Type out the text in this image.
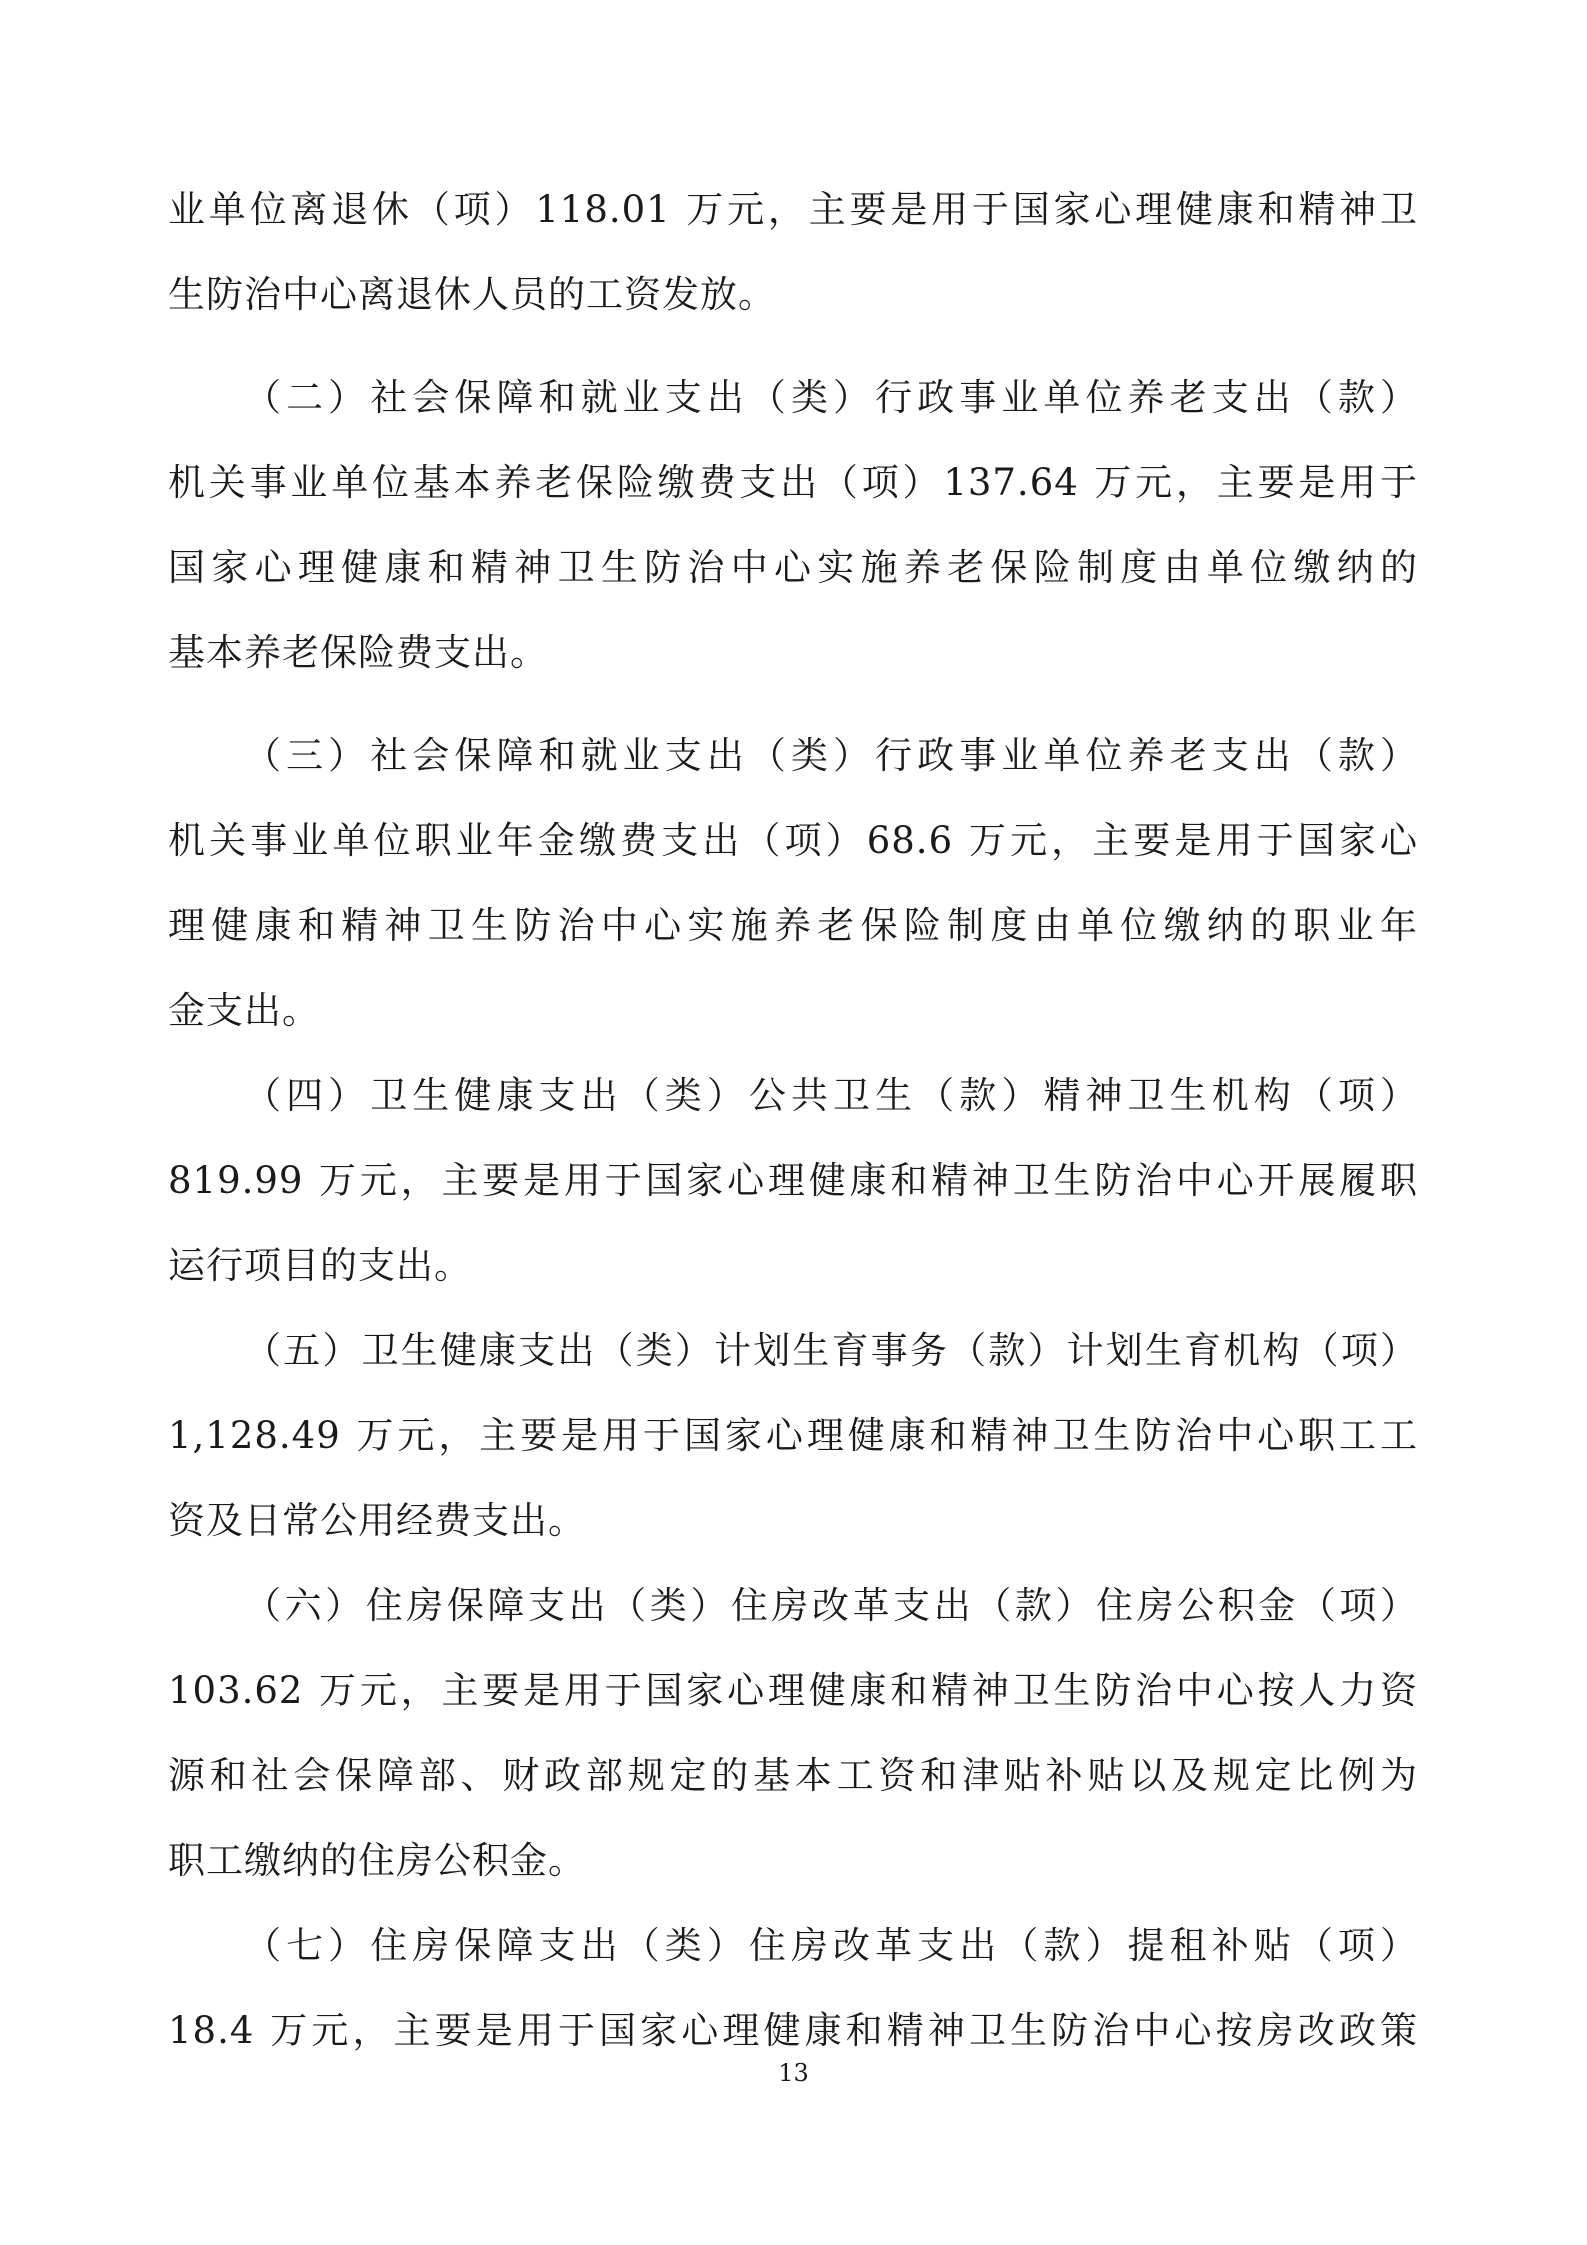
业单位离退休（项）118.01 万元，主要是用于国家心理健康和精神卫
生防治中心离退休人员的工资发放。
（二）社会保障和就业支出（类）行政事业单位养老支出（款）
机关事业单位基本养老保险缴费支出（项）137.64 万元，主要是用于
国家心理健康和精神卫生防治中心实施养老保险制度由单位缴纳的
基本养老保险费支出。
（三）社会保障和就业支出（类）行政事业单位养老支出（款）
机关事业单位职业年金缴费支出（项）68.6 万元，主要是用于国家心
理健康和精神卫生防治中心实施养老保险制度由单位缴纳的职业年
金支出。
（四）卫生健康支出（类）公共卫生（款）精神卫生机构（项）
819.99 万元，主要是用于国家心理健康和精神卫生防治中心开展履职
运行项目的支出。
（五）卫生健康支出（类）计划生育事务（款）计划生育机构（项）
1,128.49 万元，主要是用于国家心理健康和精神卫生防治中心职工工
资及日常公用经费支出。
（六）住房保障支出（类）住房改革支出（款）住房公积金（项）
103.62 万元，主要是用于国家心理健康和精神卫生防治中心按人力资
源和社会保障部、财政部规定的基本工资和津贴补贴以及规定比例为
职工缴纳的住房公积金。
（七）住房保障支出（类）住房改革支出（款）提租补贴（项）
18.4 万元，主要是用于国家心理健康和精神卫生防治中心按房改政策
13
